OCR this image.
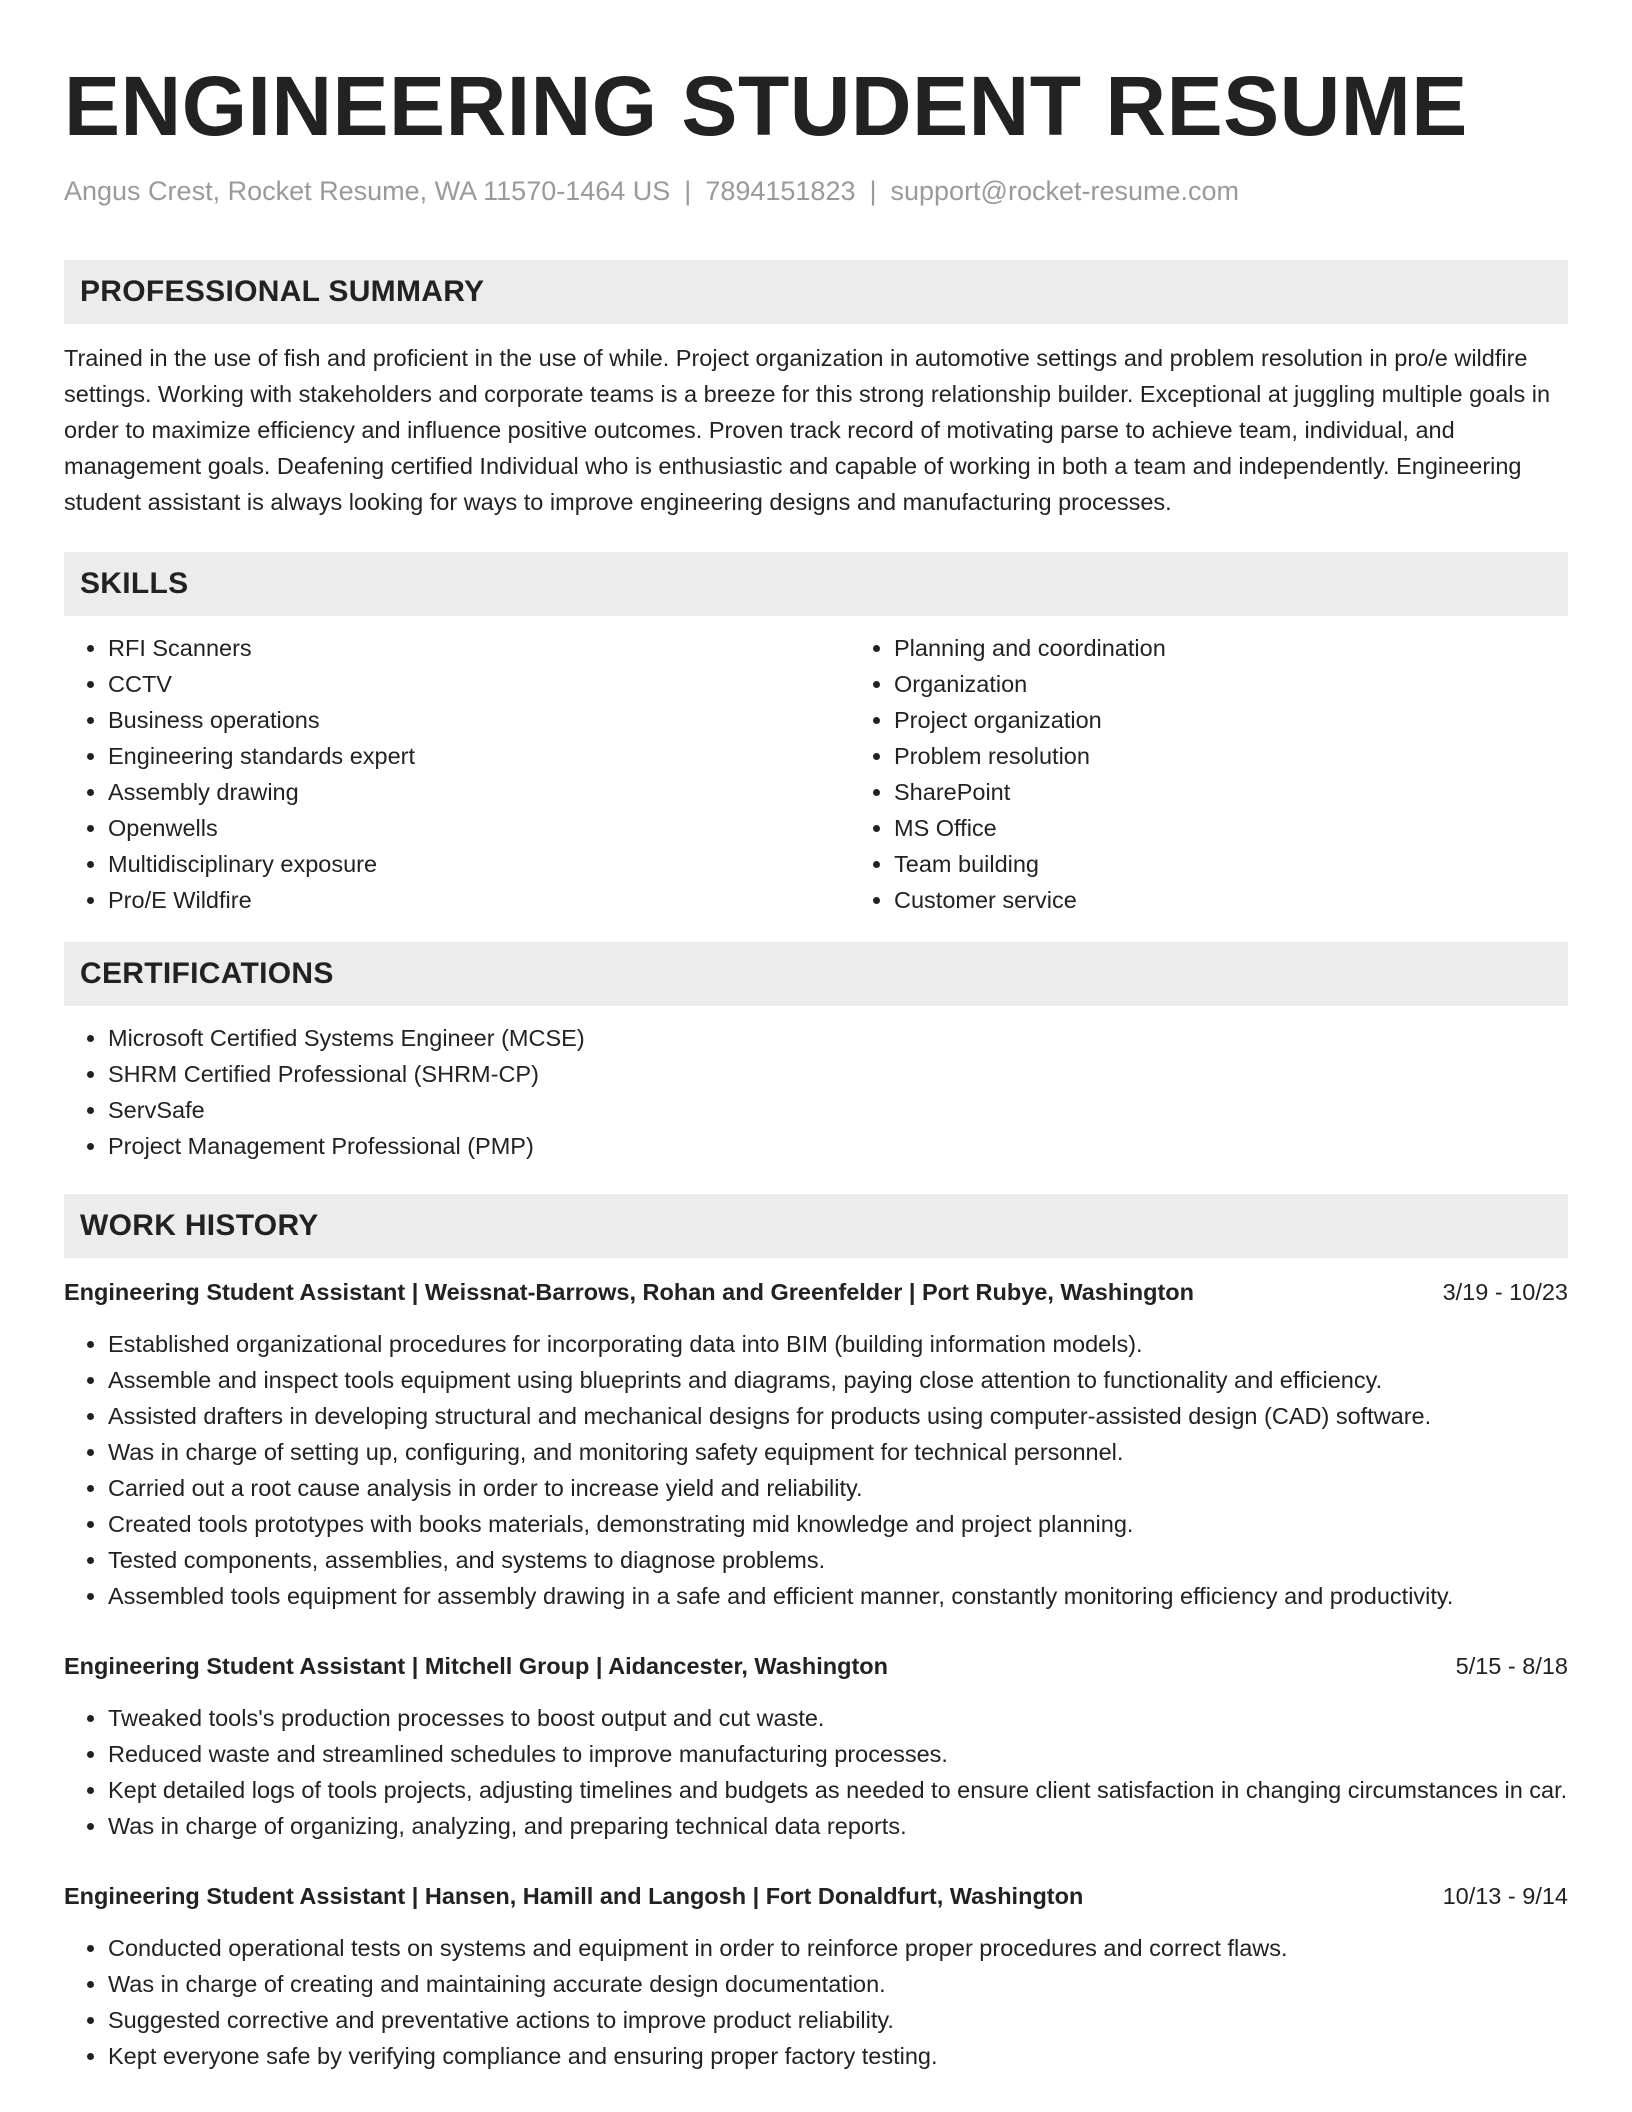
ENGINEERING STUDENT RESUME
Angus Crest, Rocket Resume, WA 11570-1464 US | 7894151823 | support@rocket-resume.com
PROFESSIONAL SUMMARY
Trained in the use of fish and proficient in the use of while. Project organization in automotive settings and problem resolution in pro/e wildfire settings. Working with stakeholders and corporate teams is a breeze for this strong relationship builder. Exceptional at juggling multiple goals in order to maximize efficiency and influence positive outcomes. Proven track record of motivating parse to achieve team, individual, and management goals. Deafening certified Individual who is enthusiastic and capable of working in both a team and independently. Engineering student assistant is always looking for ways to improve engineering designs and manufacturing processes.
SKILLS
• RFI Scanners
• CCTV
• Business operations
• Engineering standards expert
• Assembly drawing
• Openwells
• Multidisciplinary exposure
• Pro/E Wildfire
• Planning and coordination
• Organization
• Project organization
• Problem resolution
• SharePoint
• MS Office
• Team building
• Customer service
CERTIFICATIONS
• Microsoft Certified Systems Engineer (MCSE)
• SHRM Certified Professional (SHRM-CP)
• ServSafe
• Project Management Professional (PMP)
WORK HISTORY
Engineering Student Assistant | Weissnat-Barrows, Rohan and Greenfelder | Port Rubye, Washington	3/19 - 10/23
• Established organizational procedures for incorporating data into BIM (building information models).
• Assemble and inspect tools equipment using blueprints and diagrams, paying close attention to functionality and efficiency.
• Assisted drafters in developing structural and mechanical designs for products using computer-assisted design (CAD) software.
• Was in charge of setting up, configuring, and monitoring safety equipment for technical personnel.
• Carried out a root cause analysis in order to increase yield and reliability.
• Created tools prototypes with books materials, demonstrating mid knowledge and project planning.
• Tested components, assemblies, and systems to diagnose problems.
• Assembled tools equipment for assembly drawing in a safe and efficient manner, constantly monitoring efficiency and productivity.
Engineering Student Assistant | Mitchell Group | Aidancester, Washington	5/15 - 8/18
• Tweaked tools's production processes to boost output and cut waste.
• Reduced waste and streamlined schedules to improve manufacturing processes.
• Kept detailed logs of tools projects, adjusting timelines and budgets as needed to ensure client satisfaction in changing circumstances in car.
• Was in charge of organizing, analyzing, and preparing technical data reports.
Engineering Student Assistant | Hansen, Hamill and Langosh | Fort Donaldfurt, Washington	10/13 - 9/14
• Conducted operational tests on systems and equipment in order to reinforce proper procedures and correct flaws.
• Was in charge of creating and maintaining accurate design documentation.
• Suggested corrective and preventative actions to improve product reliability.
• Kept everyone safe by verifying compliance and ensuring proper factory testing.
